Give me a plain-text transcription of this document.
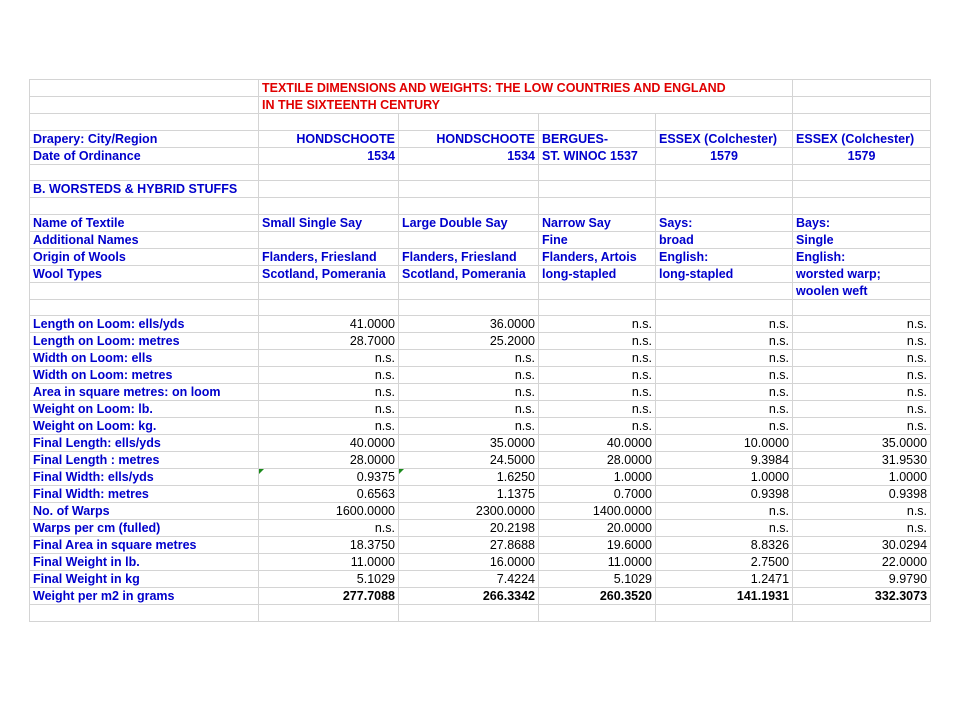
	TEXTILE DIMENSIONS AND WEIGHTS: THE LOW COUNTRIES AND ENGLAND				
	IN THE SIXTEENTH CENTURY				

Drapery: City/Region	HONDSCHOOTE	HONDSCHOOTE	BERGUES-	ESSEX (Colchester)	ESSEX (Colchester)
Date of Ordinance	1534	1534	ST. WINOC 1537	1579	1579

B. WORSTEDS & HYBRID STUFFS					

Name of Textile	Small Single Say	Large Double Say	Narrow Say	Says:	Bays:
Additional Names			Fine	broad	Single
Origin of Wools	Flanders, Friesland	Flanders, Friesland	Flanders, Artois	English:	English:
Wool Types	Scotland, Pomerania	Scotland, Pomerania	long-stapled	long-stapled	worsted warp;
					woolen weft

Length on Loom: ells/yds	41.0000	36.0000	n.s.	n.s.	n.s.
Length on Loom: metres	28.7000	25.2000	n.s.	n.s.	n.s.
Width on Loom: ells	n.s.	n.s.	n.s.	n.s.	n.s.
Width on Loom: metres	n.s.	n.s.	n.s.	n.s.	n.s.
Area in square metres: on loom	n.s.	n.s.	n.s.	n.s.	n.s.
Weight on Loom: lb.	n.s.	n.s.	n.s.	n.s.	n.s.
Weight on Loom: kg.	n.s.	n.s.	n.s.	n.s.	n.s.
Final Length: ells/yds	40.0000	35.0000	40.0000	10.0000	35.0000
Final Length : metres	28.0000	24.5000	28.0000	9.3984	31.9530
Final Width: ells/yds	0.9375	1.6250	1.0000	1.0000	1.0000
Final Width: metres	0.6563	1.1375	0.7000	0.9398	0.9398
No. of Warps	1600.0000	2300.0000	1400.0000	n.s.	n.s.
Warps per cm (fulled)	n.s.	20.2198	20.0000	n.s.	n.s.
Final Area in square metres	18.3750	27.8688	19.6000	8.8326	30.0294
Final Weight in lb.	11.0000	16.0000	11.0000	2.7500	22.0000
Final Weight in kg	5.1029	7.4224	5.1029	1.2471	9.9790
Weight per m2 in grams	277.7088	266.3342	260.3520	141.1931	332.3073
